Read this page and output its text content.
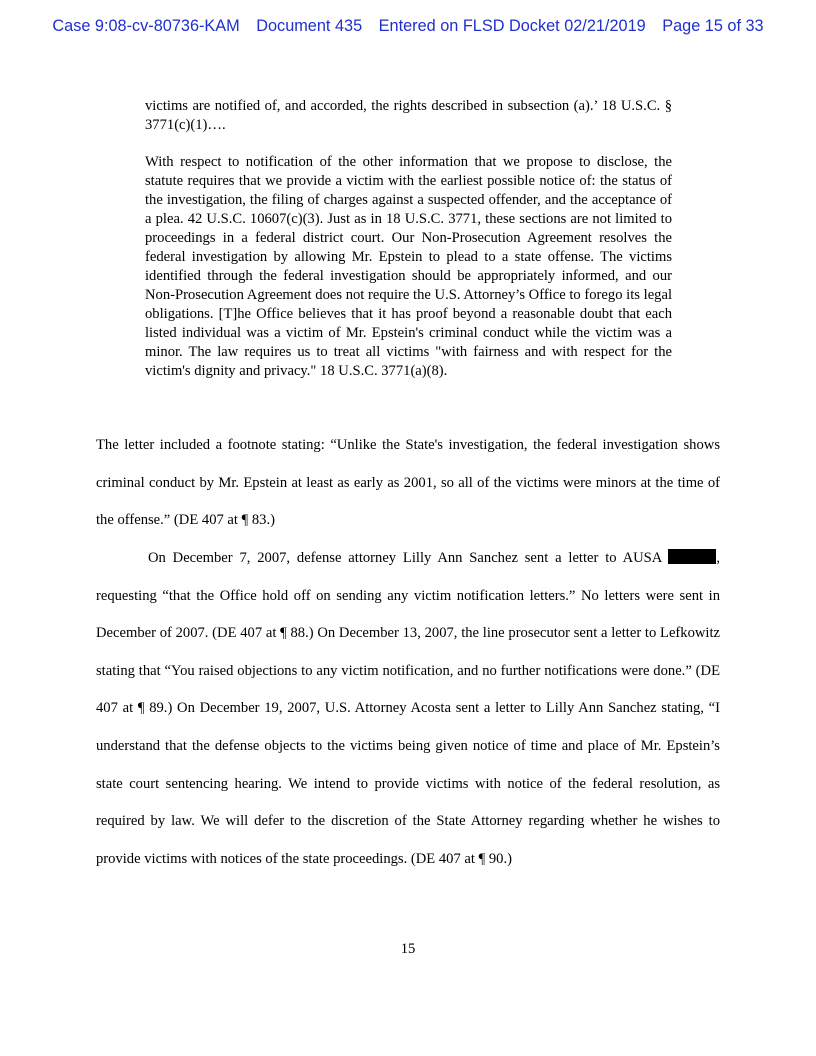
Case 9:08-cv-80736-KAM Document 435 Entered on FLSD Docket 02/21/2019 Page 15 of 33

victims are notified of, and accorded, the rights described in subsection (a).’ 18 U.S.C. § 3771(c)(1)….

With respect to notification of the other information that we propose to disclose, the statute requires that we provide a victim with the earliest possible notice of: the status of the investigation, the filing of charges against a suspected offender, and the acceptance of a plea. 42 U.S.C. 10607(c)(3). Just as in 18 U.S.C. 3771, these sections are not limited to proceedings in a federal district court. Our Non-Prosecution Agreement resolves the federal investigation by allowing Mr. Epstein to plead to a state offense. The victims identified through the federal investigation should be appropriately informed, and our Non-Prosecution Agreement does not require the U.S. Attorney’s Office to forego its legal obligations. [T]he Office believes that it has proof beyond a reasonable doubt that each listed individual was a victim of Mr. Epstein's criminal conduct while the victim was a minor. The law requires us to treat all victims "with fairness and with respect for the victim's dignity and privacy." 18 U.S.C. 3771(a)(8).

The letter included a footnote stating: “Unlike the State's investigation, the federal investigation shows criminal conduct by Mr. Epstein at least as early as 2001, so all of the victims were minors at the time of the offense.” (DE 407 at ¶ 83.)

On December 7, 2007, defense attorney Lilly Ann Sanchez sent a letter to AUSA	, requesting “that the Office hold off on sending any victim notification letters.” No letters were sent in December of 2007. (DE 407 at ¶ 88.) On December 13, 2007, the line prosecutor sent a letter to Lefkowitz stating that “You raised objections to any victim notification, and no further notifications were done.” (DE 407 at ¶ 89.) On December 19, 2007, U.S. Attorney Acosta sent a letter to Lilly Ann Sanchez stating, “I understand that the defense objects to the victims being given notice of time and place of Mr. Epstein’s state court sentencing hearing. We intend to provide victims with notice of the federal resolution, as required by law. We will defer to the discretion of the State Attorney regarding whether he wishes to provide victims with notices of the state proceedings. (DE 407 at ¶ 90.)

15
